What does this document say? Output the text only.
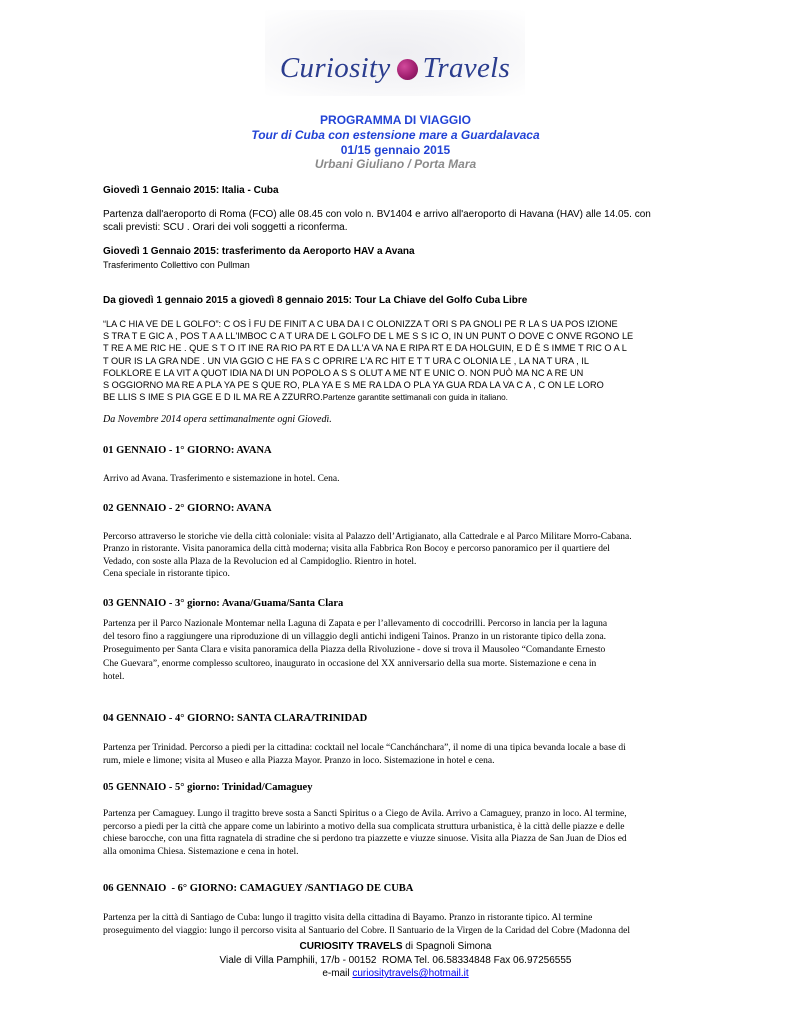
Curiosity Travels
PROGRAMMA DI VIAGGIO
Tour di Cuba con estensione mare a Guardalavaca
01/15 gennaio 2015
Urbani Giuliano / Porta Mara
Giovedì 1 Gennaio 2015: Italia - Cuba
Partenza dall'aeroporto di Roma (FCO) alle 08.45 con volo n. BV1404 e arrivo all'aeroporto di Havana (HAV) alle 14.05. con
scali previsti: SCU . Orari dei voli soggetti a riconferma.
Giovedì 1 Gennaio 2015: trasferimento da Aeroporto HAV a Avana
Trasferimento Collettivo con Pullman
Da giovedì 1 gennaio 2015 a giovedì 8 gennaio 2015: Tour La Chiave del Golfo Cuba Libre
“LA C HIA VE DE L GOLFO”: C OS Ì FU DE FINIT A C UBA DA I C OLONIZZA T ORI S PA GNOLI PE R LA S UA POS IZIONE
S TRA T E GIC A , POS T A A LL'IMBOC C A T URA DE L GOLFO DE L ME S S IC O, IN UN PUNT O DOVE C ONVE RGONO LE
T RE A ME RIC HE . QUE S T O IT INE RA RIO PA RT E DA LL'A VA NA E RIPA RT E DA HOLGUIN, E D È S IMME T RIC O A L
T OUR IS LA GRA NDE . UN VIA GGIO C HE FA S C OPRIRE L'A RC HIT E T T URA C OLONIA LE , LA NA T URA , IL
FOLKLORE E LA VIT A QUOT IDIA NA DI UN POPOLO A S S OLUT A ME NT E UNIC O. NON PUÒ MA NC A RE UN
S OGGIORNO MA RE A PLA YA PE S QUE RO, PLA YA E S ME RA LDA O PLA YA GUA RDA LA VA C A , C ON LE LORO
BE LLIS S IME S PIA GGE E D IL MA RE A ZZURRO.Partenze garantite settimanali con guida in italiano.
Da Novembre 2014 opera settimanalmente ogni Giovedì.
01 GENNAIO - 1° GIORNO: AVANA
Arrivo ad Avana. Trasferimento e sistemazione in hotel. Cena.
02 GENNAIO - 2° GIORNO: AVANA
Percorso attraverso le storiche vie della città coloniale: visita al Palazzo dell’Artigianato, alla Cattedrale e al Parco Militare Morro-Cabana.
Pranzo in ristorante. Visita panoramica della città moderna; visita alla Fabbrica Ron Bocoy e percorso panoramico per il quartiere del
Vedado, con soste alla Plaza de la Revolucion ed al Campidoglio. Rientro in hotel.
Cena speciale in ristorante tipico.
03 GENNAIO - 3° giorno: Avana/Guama/Santa Clara
Partenza per il Parco Nazionale Montemar nella Laguna di Zapata e per l’allevamento di coccodrilli. Percorso in lancia per la laguna
del tesoro fino a raggiungere una riproduzione di un villaggio degli antichi indigeni Tainos. Pranzo in un ristorante tipico della zona.
Proseguimento per Santa Clara e visita panoramica della Piazza della Rivoluzione - dove si trova il Mausoleo “Comandante Ernesto
Che Guevara”, enorme complesso scultoreo, inaugurato in occasione del XX anniversario della sua morte. Sistemazione e cena in
hotel.
04 GENNAIO - 4° GIORNO: SANTA CLARA/TRINIDAD
Partenza per Trinidad. Percorso a piedi per la cittadina: cocktail nel locale “Canchánchara”, il nome di una tipica bevanda locale a base di
rum, miele e limone; visita al Museo e alla Piazza Mayor. Pranzo in loco. Sistemazione in hotel e cena.
05 GENNAIO - 5° giorno: Trinidad/Camaguey
Partenza per Camaguey. Lungo il tragitto breve sosta a Sancti Spiritus o a Ciego de Avila. Arrivo a Camaguey, pranzo in loco. Al termine,
percorso a piedi per la città che appare come un labirinto a motivo della sua complicata struttura urbanistica, è la città delle piazze e delle
chiese barocche, con una fitta ragnatela di stradine che si perdono tra piazzette e viuzze sinuose. Visita alla Piazza de San Juan de Dios ed
alla omonima Chiesa. Sistemazione e cena in hotel.
06 GENNAIO  - 6° GIORNO: CAMAGUEY /SANTIAGO DE CUBA
Partenza per la città di Santiago de Cuba: lungo il tragitto visita della cittadina di Bayamo. Pranzo in ristorante tipico. Al termine
proseguimento del viaggio: lungo il percorso visita al Santuario del Cobre. Il Santuario de la Virgen de la Caridad del Cobre (Madonna del
CURIOSITY TRAVELS di Spagnoli Simona
Viale di Villa Pamphili, 17/b - 00152  ROMA Tel. 06.58334848 Fax 06.97256555
e-mail curiositytravels@hotmail.it
